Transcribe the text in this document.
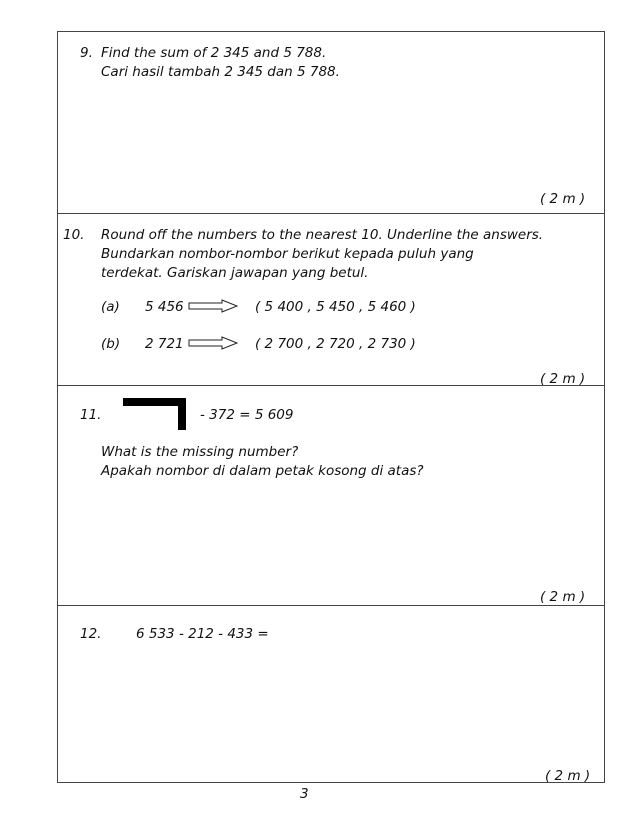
9. Find the sum of 2 345 and 5 788.
Cari hasil tambah 2 345 dan 5 788.
( 2 m )
10. Round off the numbers to the nearest 10. Underline the answers.
Bundarkan nombor-nombor berikut kepada puluh yang
terdekat. Gariskan jawapan yang betul.
(a) 5 456	( 5 400 , 5 450 , 5 460 )
(b) 2 721	( 2 700 , 2 720 , 2 730 )
( 2 m )
11.	- 372 = 5 609
What is the missing number?
Apakah nombor di dalam petak kosong di atas?
( 2 m )
12.	6 533 - 212 - 433 =
( 2 m )
3
